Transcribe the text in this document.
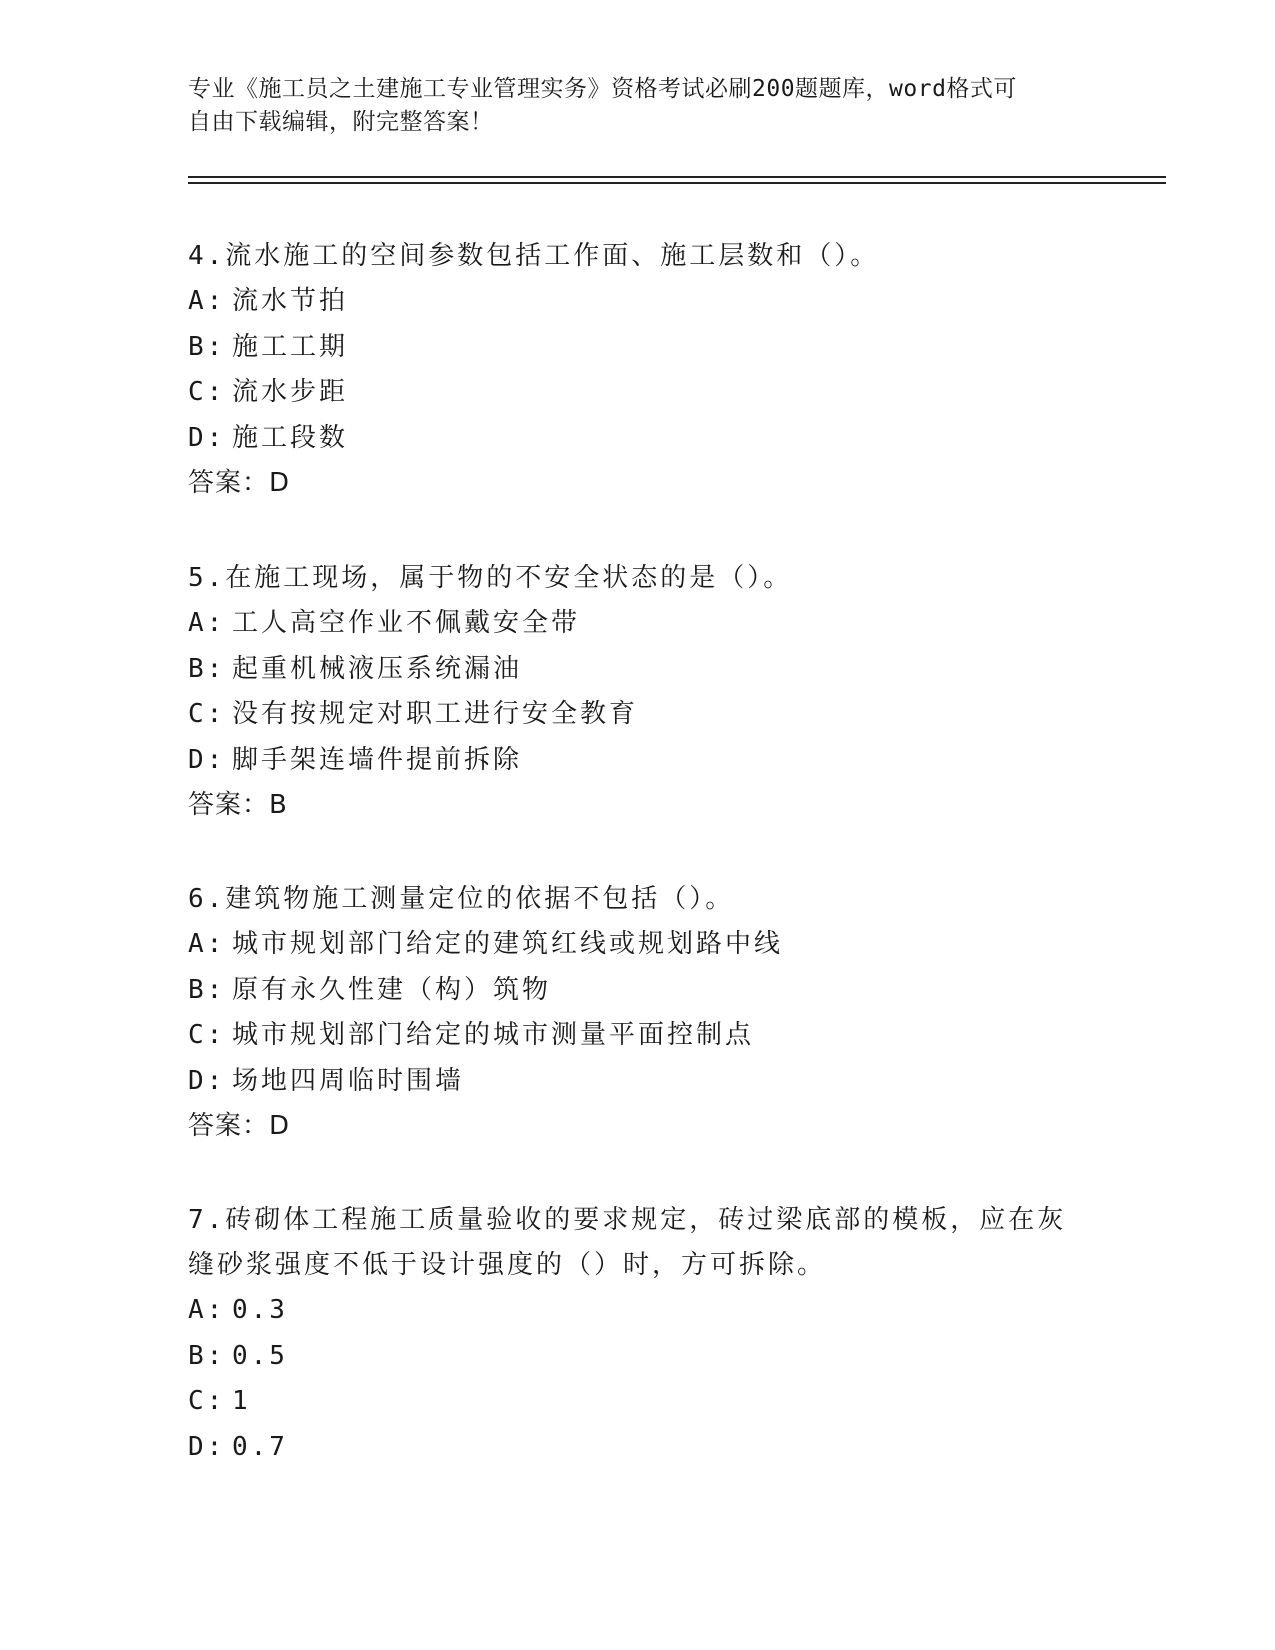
专业《施工员之土建施工专业管理实务》资格考试必刷200题题库，word格式可
自由下载编辑，附完整答案！
4.流水施工的空间参数包括工作面、施工层数和（）。
A: 流水节拍
B: 施工工期
C: 流水步距
D: 施工段数
答案：D
5.在施工现场，属于物的不安全状态的是（）。
A: 工人高空作业不佩戴安全带
B: 起重机械液压系统漏油
C: 没有按规定对职工进行安全教育
D: 脚手架连墙件提前拆除
答案：B
6.建筑物施工测量定位的依据不包括（）。
A: 城市规划部门给定的建筑红线或规划路中线
B: 原有永久性建（构）筑物
C: 城市规划部门给定的城市测量平面控制点
D: 场地四周临时围墙
答案：D
7.砖砌体工程施工质量验收的要求规定，砖过梁底部的模板，应在灰缝砂浆强度不低于设计强度的（）时，方可拆除。
A: 0.3
B: 0.5
C: 1
D: 0.7
